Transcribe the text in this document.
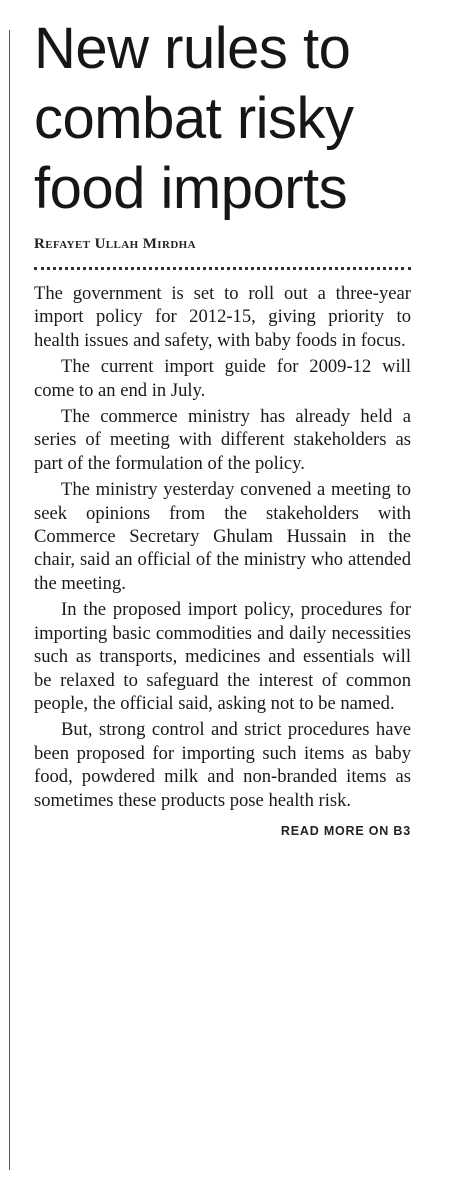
New rules to combat risky food imports
Refayet Ullah Mirdha

The government is set to roll out a three-year import policy for 2012-15, giving priority to health issues and safety, with baby foods in focus.

The current import guide for 2009-12 will come to an end in July.

The commerce ministry has already held a series of meeting with different stakeholders as part of the formulation of the policy.

The ministry yesterday convened a meeting to seek opinions from the stakeholders with Commerce Secretary Ghulam Hussain in the chair, said an official of the ministry who attended the meeting.

In the proposed import policy, procedures for importing basic commodities and daily necessities such as transports, medicines and essentials will be relaxed to safeguard the interest of common people, the official said, asking not to be named.

But, strong control and strict procedures have been proposed for importing such items as baby food, powdered milk and non-branded items as sometimes these products pose health risk.

READ MORE ON B3
